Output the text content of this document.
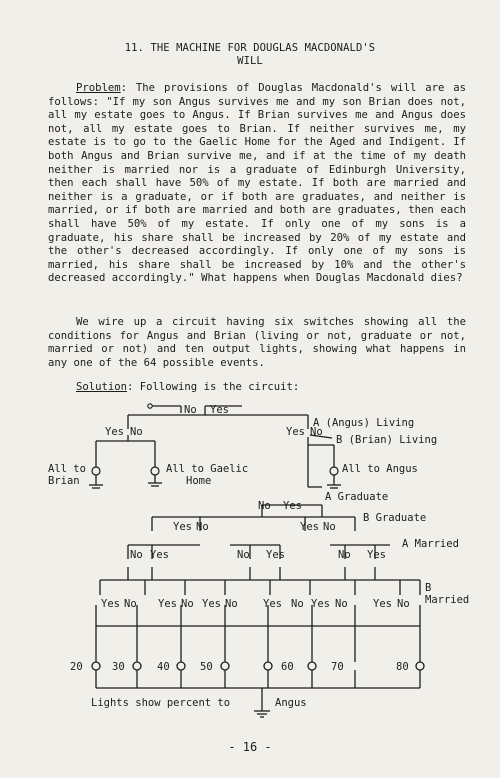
11. THE MACHINE FOR DOUGLAS MACDONALD'S
WILL
Problem: The provisions of Douglas Macdonald's will are as follows: "If my son Angus survives me and my son Brian does not, all my estate goes to Angus. If Brian survives me and Angus does not, all my estate goes to Brian. If neither survives me, my estate is to go to the Gaelic Home for the Aged and Indigent. If both Angus and Brian survive me, and if at the time of my death neither is married nor is a graduate of Edinburgh University, then each shall have 50% of my estate. If both are married and neither is a graduate, or if both are graduates, and neither is married, or if both are married and both are graduates, then each shall have 50% of my estate. If only one of my sons is a graduate, his share shall be increased by 20% of my estate and the other's decreased accordingly. If only one of my sons is married, his share shall be increased by 10% and the other's decreased accordingly." What happens when Douglas Macdonald dies?
We wire up a circuit having six switches showing all the conditions for Angus and Brian (living or not, graduate or not, married or not) and ten output lights, showing what happens in any one of the 64 possible events.
Solution: Following is the circuit:
No Yes
Yes No	Yes No
A (Angus) Living
B (Brian) Living
All to
Brian
All to Gaelic
Home
All to Angus
A Graduate
No Yes
B Graduate
Yes No	Yes No
A Married
No Yes	No Yes	No Yes
B
Married
Yes No Yes No Yes No Yes No Yes No Yes No
20	30	40	50	60	70	80
Lights show percent to	Angus
- 16 -
